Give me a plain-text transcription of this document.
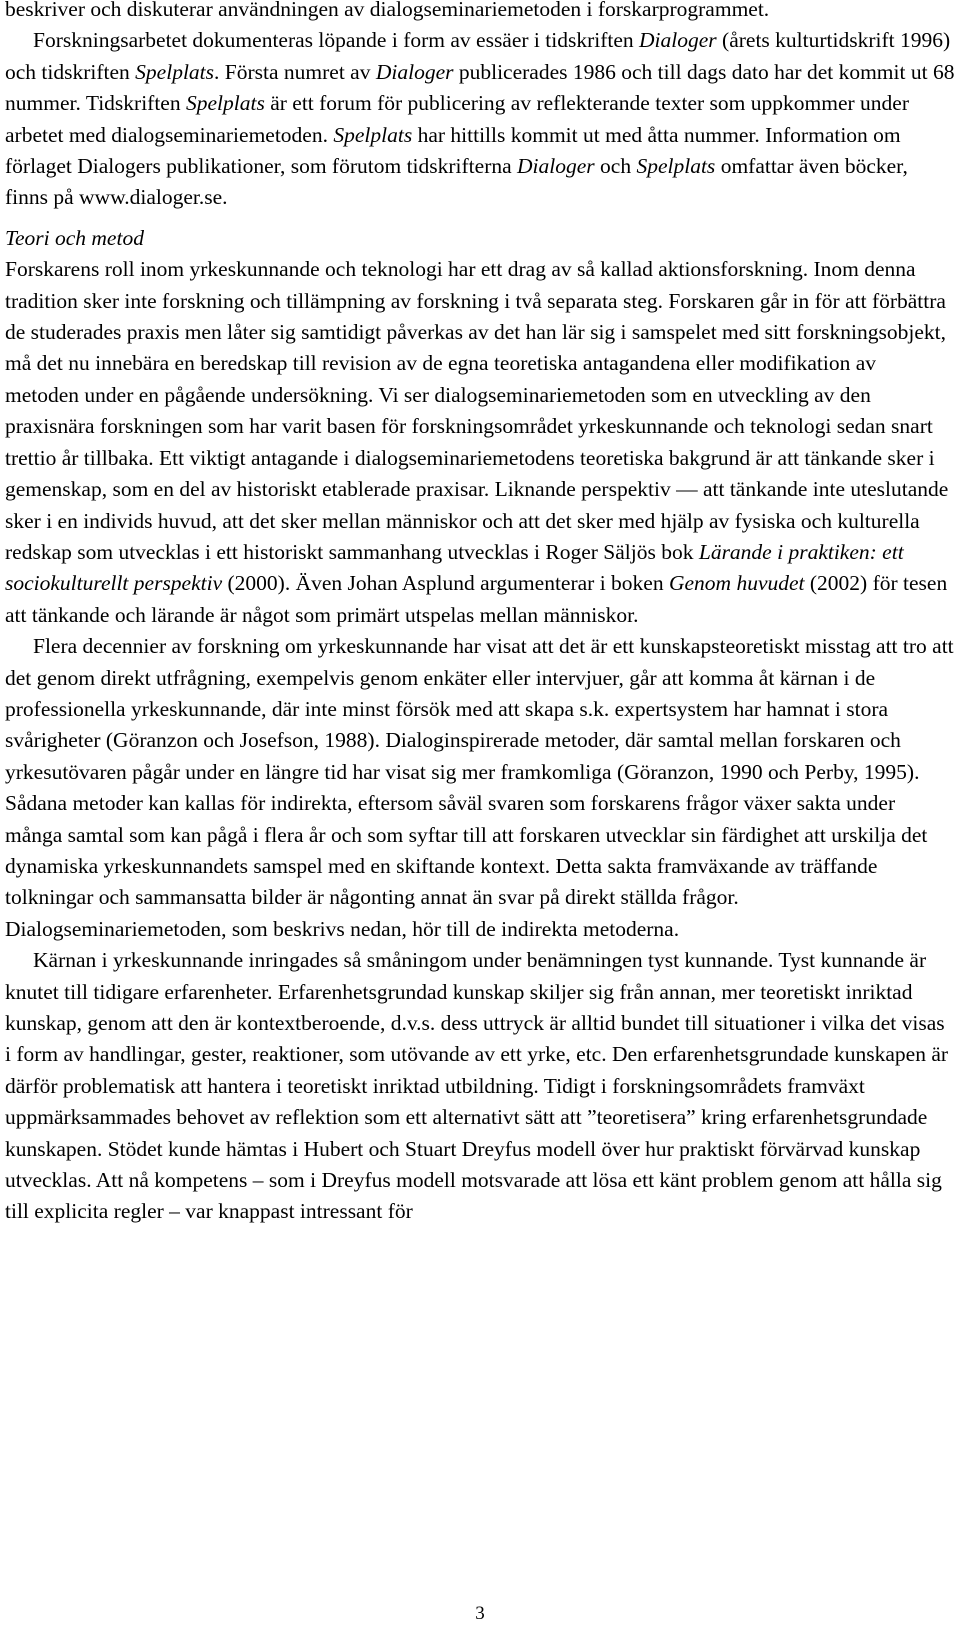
beskriver och diskuterar användningen av dialogseminariemetoden i forskarprogrammet.

Forskningsarbetet dokumenteras löpande i form av essäer i tidskriften Dialoger (årets kulturtidskrift 1996) och tidskriften Spelplats. Första numret av Dialoger publicerades 1986 och till dags dato har det kommit ut 68 nummer. Tidskriften Spelplats är ett forum för publicering av reflekterande texter som uppkommer under arbetet med dialogseminariemetoden. Spelplats har hittills kommit ut med åtta nummer. Information om förlaget Dialogers publikationer, som förutom tidskrifterna Dialoger och Spelplats omfattar även böcker, finns på www.dialoger.se.

Teori och metod

Forskarens roll inom yrkeskunnande och teknologi har ett drag av så kallad aktionsforskning. Inom denna tradition sker inte forskning och tillämpning av forskning i två separata steg. Forskaren går in för att förbättra de studerades praxis men låter sig samtidigt påverkas av det han lär sig i samspelet med sitt forskningsobjekt, må det nu innebära en beredskap till revision av de egna teoretiska antagandena eller modifikation av metoden under en pågående undersökning. Vi ser dialogseminariemetoden som en utveckling av den praxisnära forskningen som har varit basen för forskningsområdet yrkeskunnande och teknologi sedan snart trettio år tillbaka. Ett viktigt antagande i dialogseminariemetodens teoretiska bakgrund är att tänkande sker i gemenskap, som en del av historiskt etablerade praxisar. Liknande perspektiv — att tänkande inte uteslutande sker i en individs huvud, att det sker mellan människor och att det sker med hjälp av fysiska och kulturella redskap som utvecklas i ett historiskt sammanhang utvecklas i Roger Säljös bok Lärande i praktiken: ett sociokulturellt perspektiv (2000). Även Johan Asplund argumenterar i boken Genom huvudet (2002) för tesen att tänkande och lärande är något som primärt utspelas mellan människor.

Flera decennier av forskning om yrkeskunnande har visat att det är ett kunskapsteoretiskt misstag att tro att det genom direkt utfrågning, exempelvis genom enkäter eller intervjuer, går att komma åt kärnan i de professionella yrkeskunnande, där inte minst försök med att skapa s.k. expertsystem har hamnat i stora svårigheter (Göranzon och Josefson, 1988). Dialoginspirerade metoder, där samtal mellan forskaren och yrkesutövaren pågår under en längre tid har visat sig mer framkomliga (Göranzon, 1990 och Perby, 1995). Sådana metoder kan kallas för indirekta, eftersom såväl svaren som forskarens frågor växer sakta under många samtal som kan pågå i flera år och som syftar till att forskaren utvecklar sin färdighet att urskilja det dynamiska yrkeskunnandets samspel med en skiftande kontext. Detta sakta framväxande av träffande tolkningar och sammansatta bilder är någonting annat än svar på direkt ställda frågor. Dialogseminariemetoden, som beskrivs nedan, hör till de indirekta metoderna.

Kärnan i yrkeskunnande inringades så småningom under benämningen tyst kunnande. Tyst kunnande är knutet till tidigare erfarenheter. Erfarenhetsgrundad kunskap skiljer sig från annan, mer teoretiskt inriktad kunskap, genom att den är kontextberoende, d.v.s. dess uttryck är alltid bundet till situationer i vilka det visas i form av handlingar, gester, reaktioner, som utövande av ett yrke, etc. Den erfarenhetsgrundade kunskapen är därför problematisk att hantera i teoretiskt inriktad utbildning. Tidigt i forskningsområdets framväxt uppmärksammades behovet av reflektion som ett alternativt sätt att ”teoretisera” kring erfarenhetsgrundade kunskapen. Stödet kunde hämtas i Hubert och Stuart Dreyfus modell över hur praktiskt förvärvad kunskap utvecklas. Att nå kompetens – som i Dreyfus modell motsvarade att lösa ett känt problem genom att hålla sig till explicita regler – var knappast intressant för

3
